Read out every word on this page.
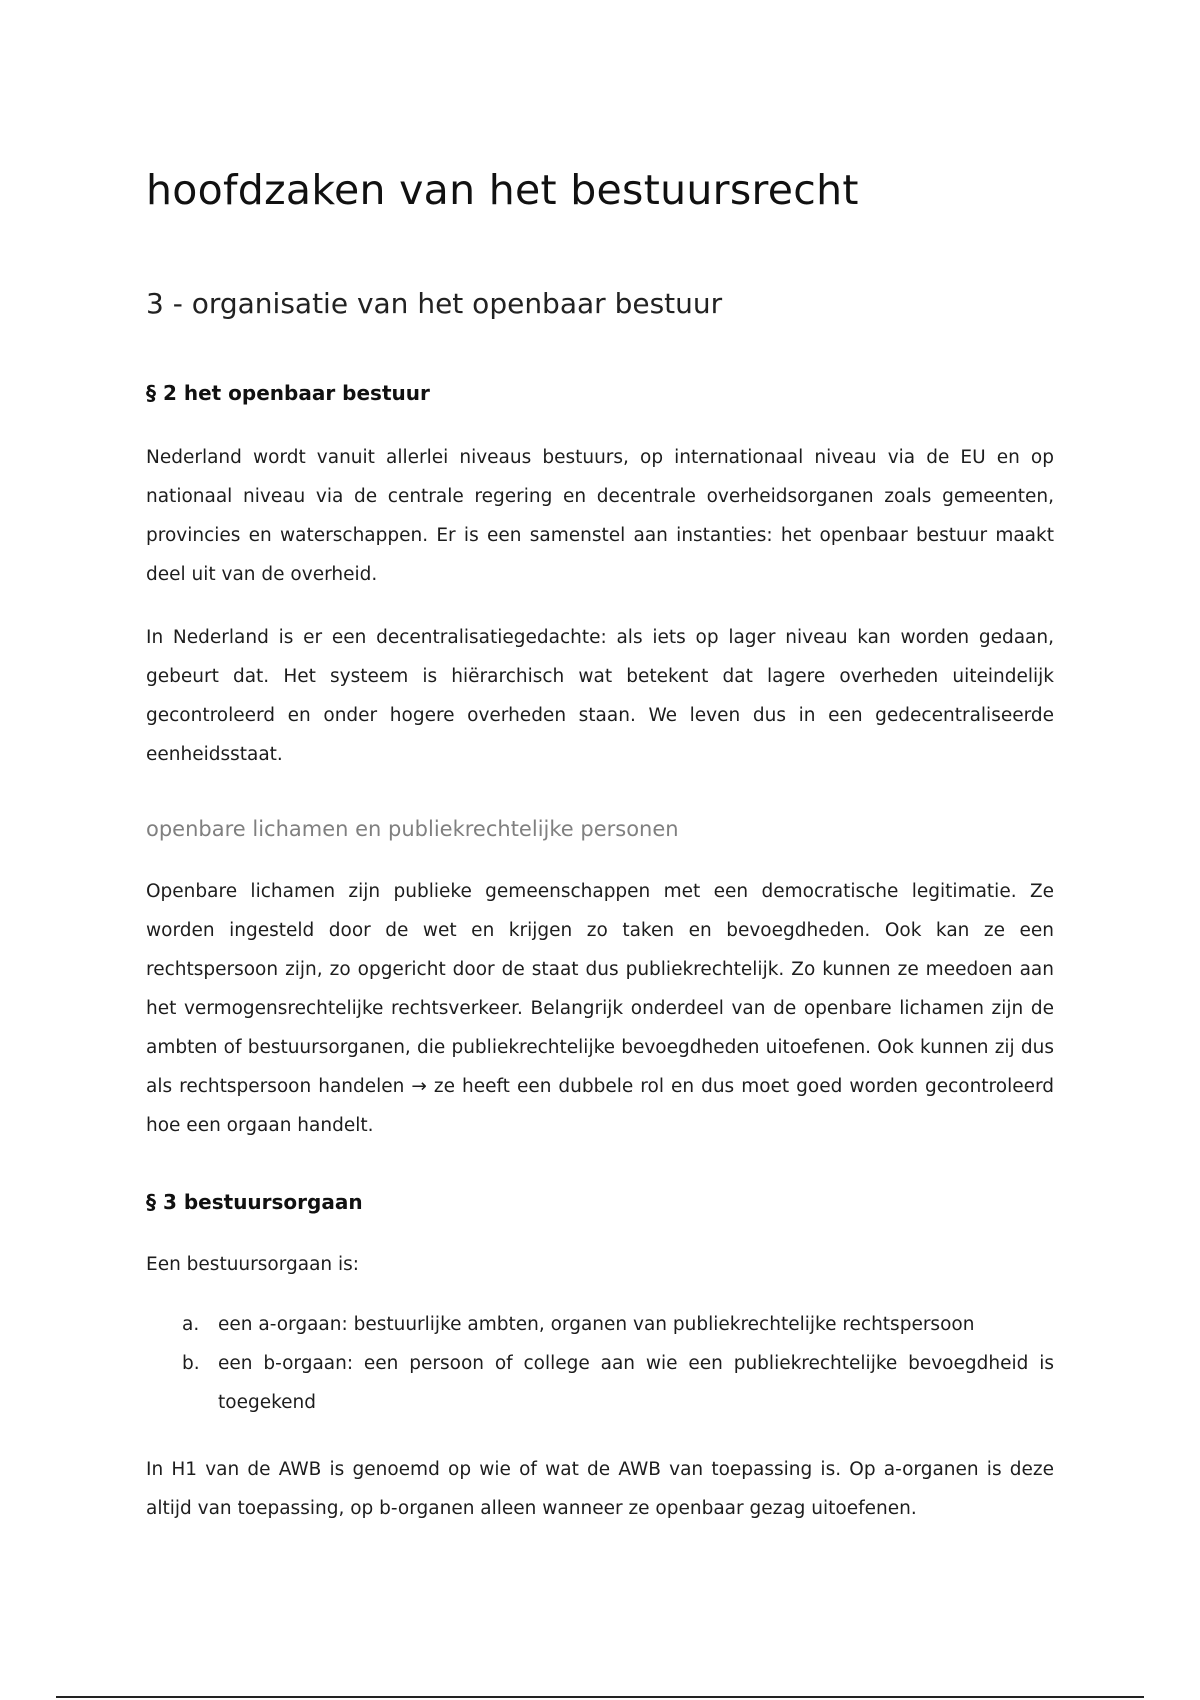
hoofdzaken van het bestuursrecht
3 - organisatie van het openbaar bestuur
§ 2 het openbaar bestuur

Nederland wordt vanuit allerlei niveaus bestuurs, op internationaal niveau via de EU en op nationaal niveau via de centrale regering en decentrale overheidsorganen zoals gemeenten, provincies en waterschappen. Er is een samenstel aan instanties: het openbaar bestuur maakt deel uit van de overheid.

In Nederland is er een decentralisatiegedachte: als iets op lager niveau kan worden gedaan, gebeurt dat. Het systeem is hiërarchisch wat betekent dat lagere overheden uiteindelijk gecontroleerd en onder hogere overheden staan. We leven dus in een gedecentraliseerde eenheidsstaat.

openbare lichamen en publiekrechtelijke personen

Openbare lichamen zijn publieke gemeenschappen met een democratische legitimatie. Ze worden ingesteld door de wet en krijgen zo taken en bevoegdheden. Ook kan ze een rechtspersoon zijn, zo opgericht door de staat dus publiekrechtelijk. Zo kunnen ze meedoen aan het vermogensrechtelijke rechtsverkeer. Belangrijk onderdeel van de openbare lichamen zijn de ambten of bestuursorganen, die publiekrechtelijke bevoegdheden uitoefenen. Ook kunnen zij dus als rechtspersoon handelen → ze heeft een dubbele rol en dus moet goed worden gecontroleerd hoe een orgaan handelt.

§ 3 bestuursorgaan

Een bestuursorgaan is:

a. een a-orgaan: bestuurlijke ambten, organen van publiekrechtelijke rechtspersoon
b. een b-orgaan: een persoon of college aan wie een publiekrechtelijke bevoegdheid is toegekend

In H1 van de AWB is genoemd op wie of wat de AWB van toepassing is. Op a-organen is deze altijd van toepassing, op b-organen alleen wanneer ze openbaar gezag uitoefenen.
